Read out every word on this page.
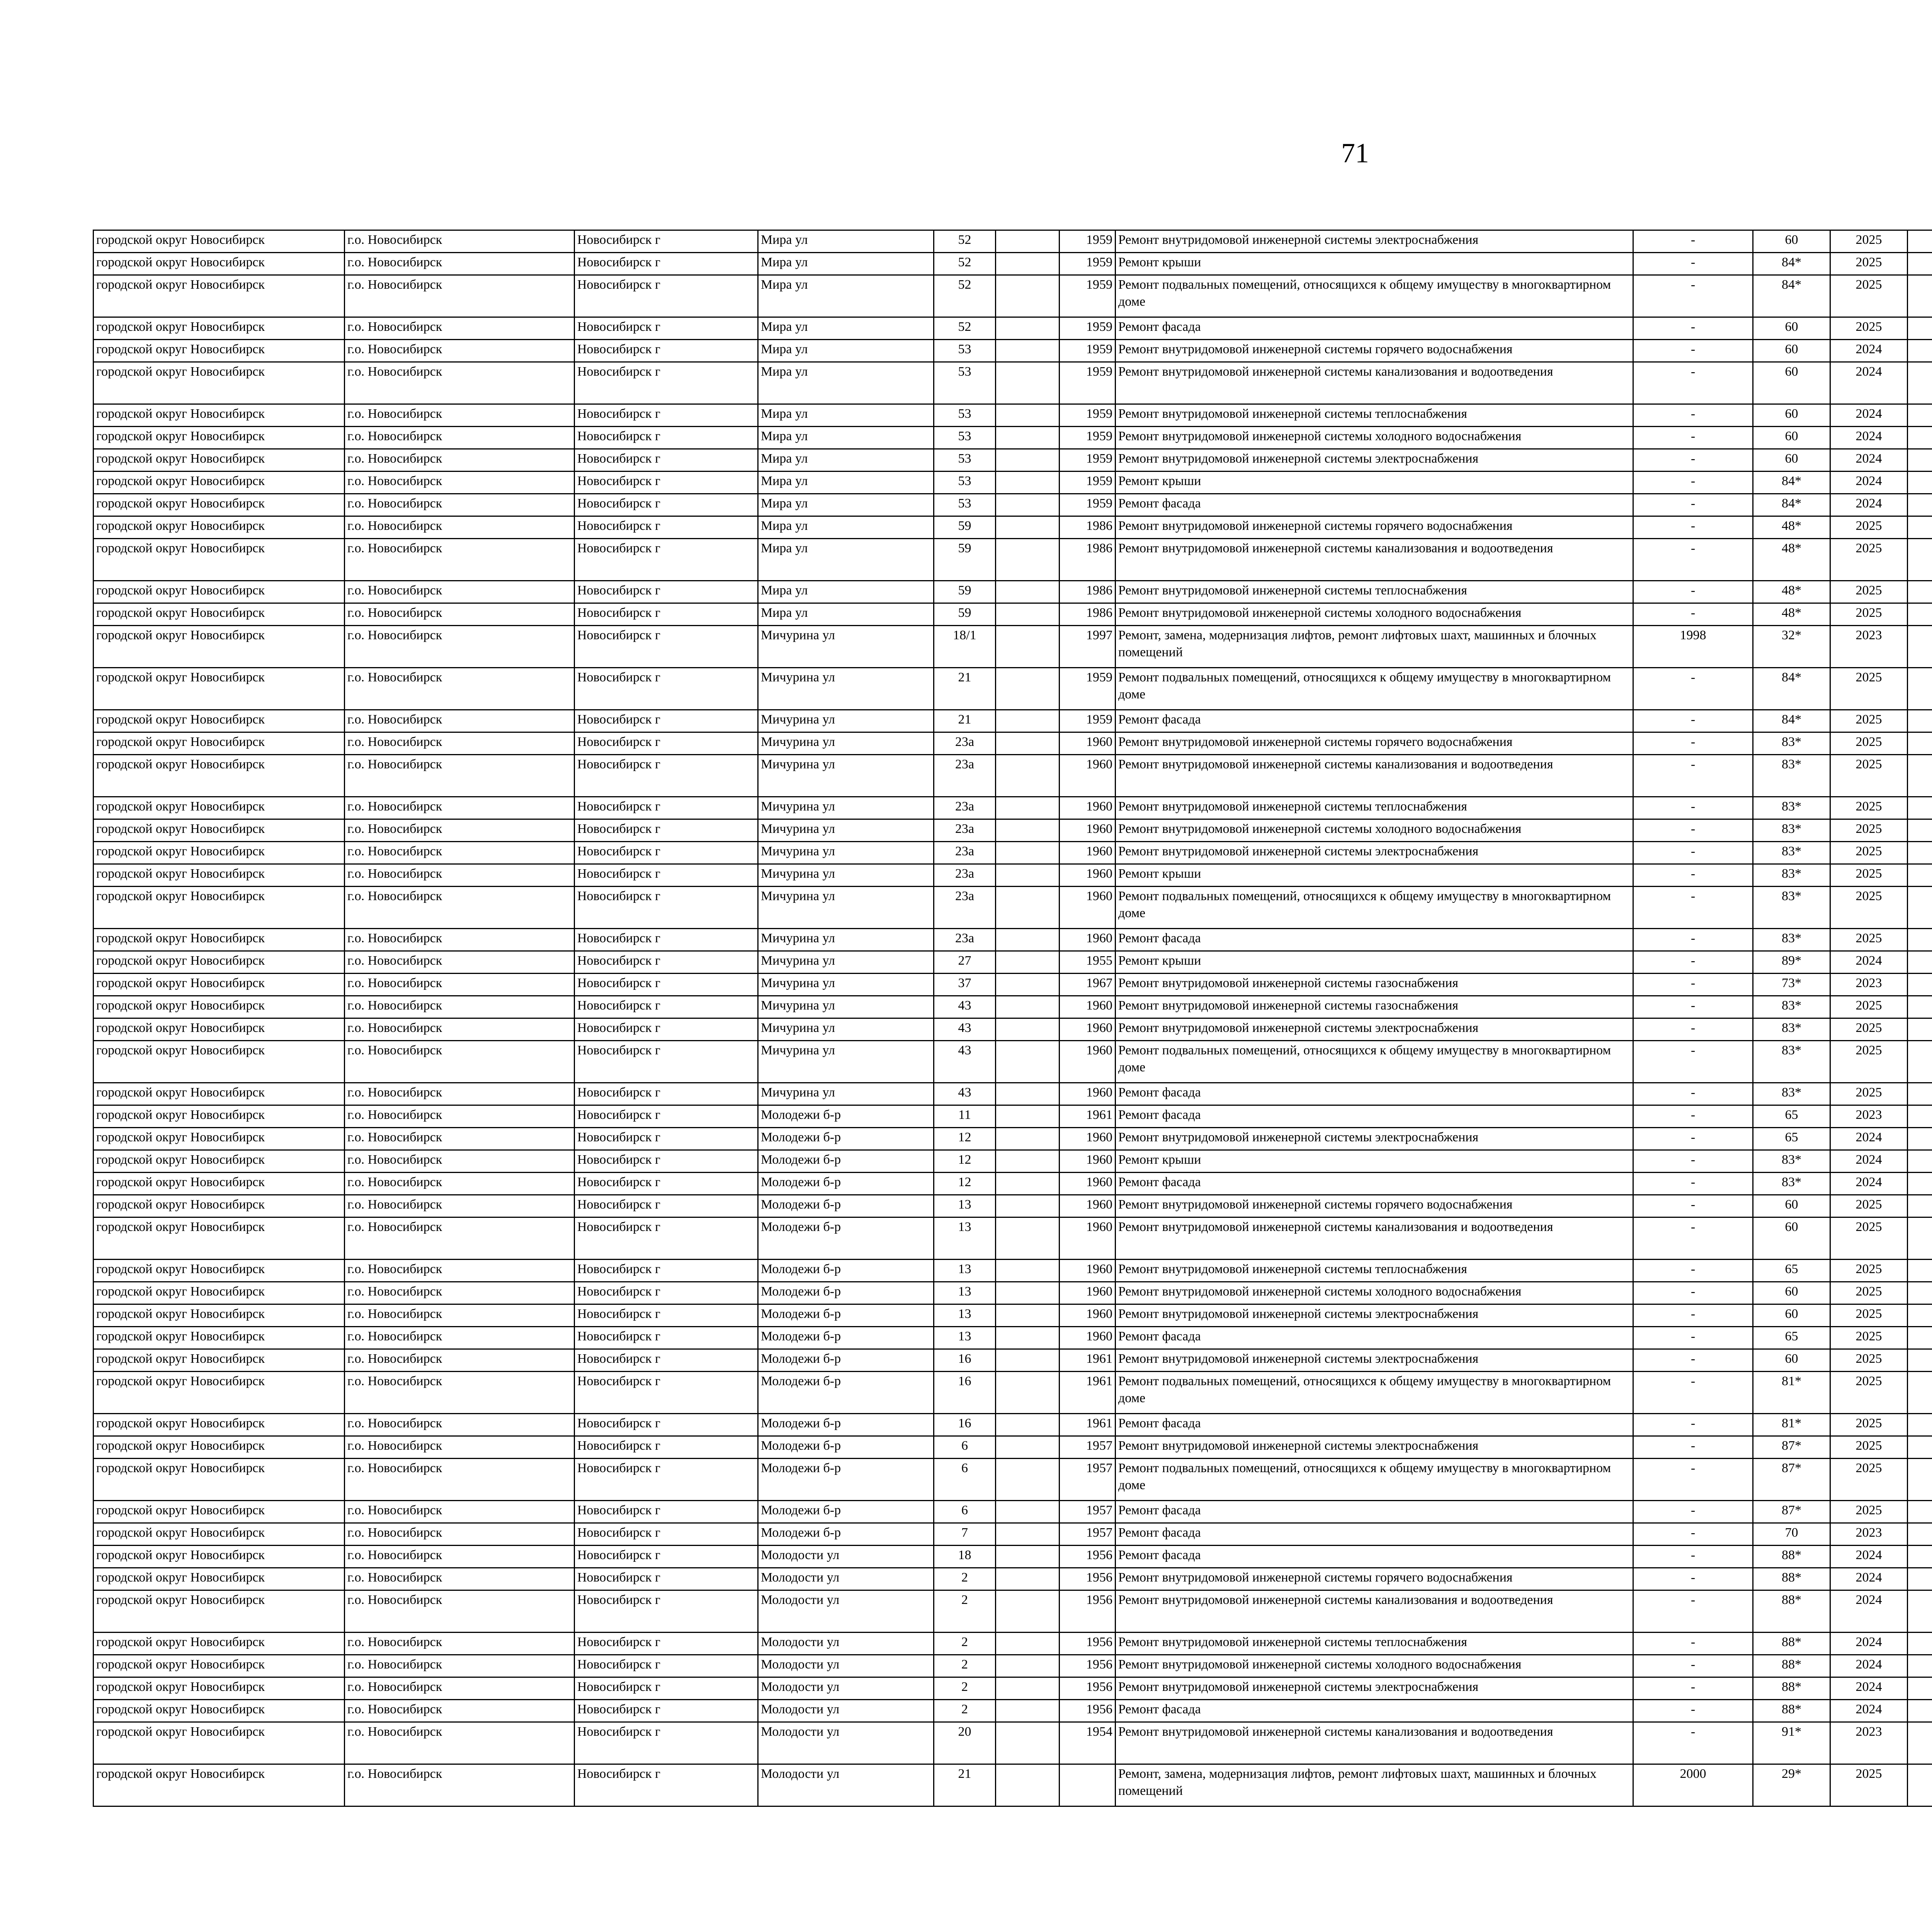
71
городской округ Новосибирск	г.о. Новосибирск	Новосибирск г	Мира ул	52		1959	Ремонт внутридомовой инженерной системы электроснабжения	-	60	2025							
городской округ Новосибирск	г.о. Новосибирск	Новосибирск г	Мира ул	52		1959	Ремонт крыши	-	84*	2025							
городской округ Новосибирск	г.о. Новосибирск	Новосибирск г	Мира ул	52		1959	Ремонт подвальных помещений, относящихся к общему имуществу в многоквартирном доме	-	84*	2025							
городской округ Новосибирск	г.о. Новосибирск	Новосибирск г	Мира ул	52		1959	Ремонт фасада	-	60	2025							
городской округ Новосибирск	г.о. Новосибирск	Новосибирск г	Мира ул	53		1959	Ремонт внутридомовой инженерной системы горячего водоснабжения	-	60	2024							
городской округ Новосибирск	г.о. Новосибирск	Новосибирск г	Мира ул	53		1959	Ремонт внутридомовой инженерной системы канализования и водоотведения	-	60	2024							
городской округ Новосибирск	г.о. Новосибирск	Новосибирск г	Мира ул	53		1959	Ремонт внутридомовой инженерной системы теплоснабжения	-	60	2024							
городской округ Новосибирск	г.о. Новосибирск	Новосибирск г	Мира ул	53		1959	Ремонт внутридомовой инженерной системы холодного водоснабжения	-	60	2024							
городской округ Новосибирск	г.о. Новосибирск	Новосибирск г	Мира ул	53		1959	Ремонт внутридомовой инженерной системы электроснабжения	-	60	2024							
городской округ Новосибирск	г.о. Новосибирск	Новосибирск г	Мира ул	53		1959	Ремонт крыши	-	84*	2024							
городской округ Новосибирск	г.о. Новосибирск	Новосибирск г	Мира ул	53		1959	Ремонт фасада	-	84*	2024							
городской округ Новосибирск	г.о. Новосибирск	Новосибирск г	Мира ул	59		1986	Ремонт внутридомовой инженерной системы горячего водоснабжения	-	48*	2025							
городской округ Новосибирск	г.о. Новосибирск	Новосибирск г	Мира ул	59		1986	Ремонт внутридомовой инженерной системы канализования и водоотведения	-	48*	2025							
городской округ Новосибирск	г.о. Новосибирск	Новосибирск г	Мира ул	59		1986	Ремонт внутридомовой инженерной системы теплоснабжения	-	48*	2025							
городской округ Новосибирск	г.о. Новосибирск	Новосибирск г	Мира ул	59		1986	Ремонт внутридомовой инженерной системы холодного водоснабжения	-	48*	2025							
городской округ Новосибирск	г.о. Новосибирск	Новосибирск г	Мичурина ул	18/1		1997	Ремонт, замена, модернизация лифтов, ремонт лифтовых шахт, машинных и блочных помещений	1998	32*	2023							
городской округ Новосибирск	г.о. Новосибирск	Новосибирск г	Мичурина ул	21		1959	Ремонт подвальных помещений, относящихся к общему имуществу в многоквартирном доме	-	84*	2025							
городской округ Новосибирск	г.о. Новосибирск	Новосибирск г	Мичурина ул	21		1959	Ремонт фасада	-	84*	2025							
городской округ Новосибирск	г.о. Новосибирск	Новосибирск г	Мичурина ул	23а		1960	Ремонт внутридомовой инженерной системы горячего водоснабжения	-	83*	2025							
городской округ Новосибирск	г.о. Новосибирск	Новосибирск г	Мичурина ул	23а		1960	Ремонт внутридомовой инженерной системы канализования и водоотведения	-	83*	2025							
городской округ Новосибирск	г.о. Новосибирск	Новосибирск г	Мичурина ул	23а		1960	Ремонт внутридомовой инженерной системы теплоснабжения	-	83*	2025							
городской округ Новосибирск	г.о. Новосибирск	Новосибирск г	Мичурина ул	23а		1960	Ремонт внутридомовой инженерной системы холодного водоснабжения	-	83*	2025							
городской округ Новосибирск	г.о. Новосибирск	Новосибирск г	Мичурина ул	23а		1960	Ремонт внутридомовой инженерной системы электроснабжения	-	83*	2025							
городской округ Новосибирск	г.о. Новосибирск	Новосибирск г	Мичурина ул	23а		1960	Ремонт крыши	-	83*	2025							
городской округ Новосибирск	г.о. Новосибирск	Новосибирск г	Мичурина ул	23а		1960	Ремонт подвальных помещений, относящихся к общему имуществу в многоквартирном доме	-	83*	2025							
городской округ Новосибирск	г.о. Новосибирск	Новосибирск г	Мичурина ул	23а		1960	Ремонт фасада	-	83*	2025							
городской округ Новосибирск	г.о. Новосибирск	Новосибирск г	Мичурина ул	27		1955	Ремонт крыши	-	89*	2024							
городской округ Новосибирск	г.о. Новосибирск	Новосибирск г	Мичурина ул	37		1967	Ремонт внутридомовой инженерной системы газоснабжения	-	73*	2023							
городской округ Новосибирск	г.о. Новосибирск	Новосибирск г	Мичурина ул	43		1960	Ремонт внутридомовой инженерной системы газоснабжения	-	83*	2025							
городской округ Новосибирск	г.о. Новосибирск	Новосибирск г	Мичурина ул	43		1960	Ремонт внутридомовой инженерной системы электроснабжения	-	83*	2025							
городской округ Новосибирск	г.о. Новосибирск	Новосибирск г	Мичурина ул	43		1960	Ремонт подвальных помещений, относящихся к общему имуществу в многоквартирном доме	-	83*	2025							
городской округ Новосибирск	г.о. Новосибирск	Новосибирск г	Мичурина ул	43		1960	Ремонт фасада	-	83*	2025							
городской округ Новосибирск	г.о. Новосибирск	Новосибирск г	Молодежи б-р	11		1961	Ремонт фасада	-	65	2023							
городской округ Новосибирск	г.о. Новосибирск	Новосибирск г	Молодежи б-р	12		1960	Ремонт внутридомовой инженерной системы электроснабжения	-	65	2024							
городской округ Новосибирск	г.о. Новосибирск	Новосибирск г	Молодежи б-р	12		1960	Ремонт крыши	-	83*	2024							
городской округ Новосибирск	г.о. Новосибирск	Новосибирск г	Молодежи б-р	12		1960	Ремонт фасада	-	83*	2024							
городской округ Новосибирск	г.о. Новосибирск	Новосибирск г	Молодежи б-р	13		1960	Ремонт внутридомовой инженерной системы горячего водоснабжения	-	60	2025							
городской округ Новосибирск	г.о. Новосибирск	Новосибирск г	Молодежи б-р	13		1960	Ремонт внутридомовой инженерной системы канализования и водоотведения	-	60	2025							
городской округ Новосибирск	г.о. Новосибирск	Новосибирск г	Молодежи б-р	13		1960	Ремонт внутридомовой инженерной системы теплоснабжения	-	65	2025							
городской округ Новосибирск	г.о. Новосибирск	Новосибирск г	Молодежи б-р	13		1960	Ремонт внутридомовой инженерной системы холодного водоснабжения	-	60	2025							
городской округ Новосибирск	г.о. Новосибирск	Новосибирск г	Молодежи б-р	13		1960	Ремонт внутридомовой инженерной системы электроснабжения	-	60	2025							
городской округ Новосибирск	г.о. Новосибирск	Новосибирск г	Молодежи б-р	13		1960	Ремонт фасада	-	65	2025							
городской округ Новосибирск	г.о. Новосибирск	Новосибирск г	Молодежи б-р	16		1961	Ремонт внутридомовой инженерной системы электроснабжения	-	60	2025							
городской округ Новосибирск	г.о. Новосибирск	Новосибирск г	Молодежи б-р	16		1961	Ремонт подвальных помещений, относящихся к общему имуществу в многоквартирном доме	-	81*	2025							
городской округ Новосибирск	г.о. Новосибирск	Новосибирск г	Молодежи б-р	16		1961	Ремонт фасада	-	81*	2025							
городской округ Новосибирск	г.о. Новосибирск	Новосибирск г	Молодежи б-р	6		1957	Ремонт внутридомовой инженерной системы электроснабжения	-	87*	2025							
городской округ Новосибирск	г.о. Новосибирск	Новосибирск г	Молодежи б-р	6		1957	Ремонт подвальных помещений, относящихся к общему имуществу в многоквартирном доме	-	87*	2025							
городской округ Новосибирск	г.о. Новосибирск	Новосибирск г	Молодежи б-р	6		1957	Ремонт фасада	-	87*	2025							
городской округ Новосибирск	г.о. Новосибирск	Новосибирск г	Молодежи б-р	7		1957	Ремонт фасада	-	70	2023							
городской округ Новосибирск	г.о. Новосибирск	Новосибирск г	Молодости ул	18		1956	Ремонт фасада	-	88*	2024							
городской округ Новосибирск	г.о. Новосибирск	Новосибирск г	Молодости ул	2		1956	Ремонт внутридомовой инженерной системы горячего водоснабжения	-	88*	2024							
городской округ Новосибирск	г.о. Новосибирск	Новосибирск г	Молодости ул	2		1956	Ремонт внутридомовой инженерной системы канализования и водоотведения	-	88*	2024							
городской округ Новосибирск	г.о. Новосибирск	Новосибирск г	Молодости ул	2		1956	Ремонт внутридомовой инженерной системы теплоснабжения	-	88*	2024							
городской округ Новосибирск	г.о. Новосибирск	Новосибирск г	Молодости ул	2		1956	Ремонт внутридомовой инженерной системы холодного водоснабжения	-	88*	2024							
городской округ Новосибирск	г.о. Новосибирск	Новосибирск г	Молодости ул	2		1956	Ремонт внутридомовой инженерной системы электроснабжения	-	88*	2024							
городской округ Новосибирск	г.о. Новосибирск	Новосибирск г	Молодости ул	2		1956	Ремонт фасада	-	88*	2024							
городской округ Новосибирск	г.о. Новосибирск	Новосибирск г	Молодости ул	20		1954	Ремонт внутридомовой инженерной системы канализования и водоотведения	-	91*	2023							
городской округ Новосибирск	г.о. Новосибирск	Новосибирск г	Молодости ул	21			Ремонт, замена, модернизация лифтов, ремонт лифтовых шахт, машинных и блочных помещений	2000	29*	2025							
